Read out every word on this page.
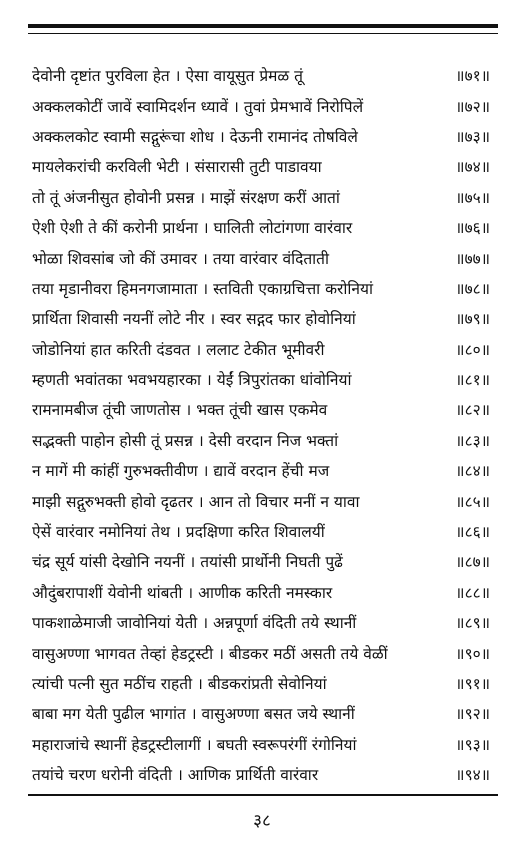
देवोनी दृष्टांत पुरविला हेत । ऐसा वायूसुत प्रेमळ तूं	॥७१॥
अक्कलकोटीं जावें स्वामिदर्शन ध्यावें । तुवां प्रेमभावें निरोपिलें	॥७२॥
अक्कलकोट स्वामी सद्गुरूंचा शोध । देऊनी रामानंद तोषविले	॥७३॥
मायलेकरांची करविली भेटी । संसारासी तुटी पाडावया	॥७४॥
तो तूं अंजनीसुत होवोनी प्रसन्न । माझें संरक्षण करीं आतां	॥७५॥
ऐशी ऐशी ते कीं करोनी प्रार्थना । घालिती लोटांगणा वारंवार	॥७६॥
भोळा शिवसांब जो कीं उमावर । तया वारंवार वंदिताती	॥७७॥
तया मृडानीवरा हिमनगजामाता । स्तविती एकाग्रचित्ता करोनियां	॥७८॥
प्रार्थिता शिवासी नयनीं लोटे नीर । स्वर सद्गद फार होवोनियां	॥७९॥
जोडोनियां हात करिती दंडवत । ललाट टेकीत भूमीवरी	॥८०॥
म्हणती भवांतका भवभयहारका । येईं त्रिपुरांतका धांवोनियां	॥८१॥
रामनामबीज तूंची जाणतोस । भक्त तूंची खास एकमेव	॥८२॥
सद्भक्ती पाहोन होसी तूं प्रसन्न । देसी वरदान निज भक्तां	॥८३॥
न मागें मी कांहीं गुरुभक्तीवीण । द्यावें वरदान हेंची मज	॥८४॥
माझी सद्गुरुभक्ती होवो दृढतर । आन तो विचार मनीं न यावा	॥८५॥
ऐसें वारंवार नमोनियां तेथ । प्रदक्षिणा करित शिवालयीं	॥८६॥
चंद्र सूर्य यांसी देखोनि नयनीं । तयांसी प्रार्थोनी निघती पुढें	॥८७॥
औदुंबरापाशीं येवोनी थांबती । आणीक करिती नमस्कार	॥८८॥
पाकशाळेमाजी जावोनियां येती । अन्नपूर्णा वंदिती तये स्थानीं	॥८९॥
वासुअण्णा भागवत तेव्हां हेडट्रस्टी । बीडकर मठीं असती तये वेळीं	॥९०॥
त्यांची पत्नी सुत मठींच राहती । बीडकरांप्रती सेवोनियां	॥९१॥
बाबा मग येती पुढील भागांत । वासुअण्णा बसत जये स्थानीं	॥९२॥
महाराजांचे स्थानीं हेडट्रस्टीलागीं । बघती स्वरूपरंगीं रंगोनियां	॥९३॥
तयांचे चरण धरोनी वंदिती । आणिक प्रार्थिती वारंवार	॥९४॥
३८
